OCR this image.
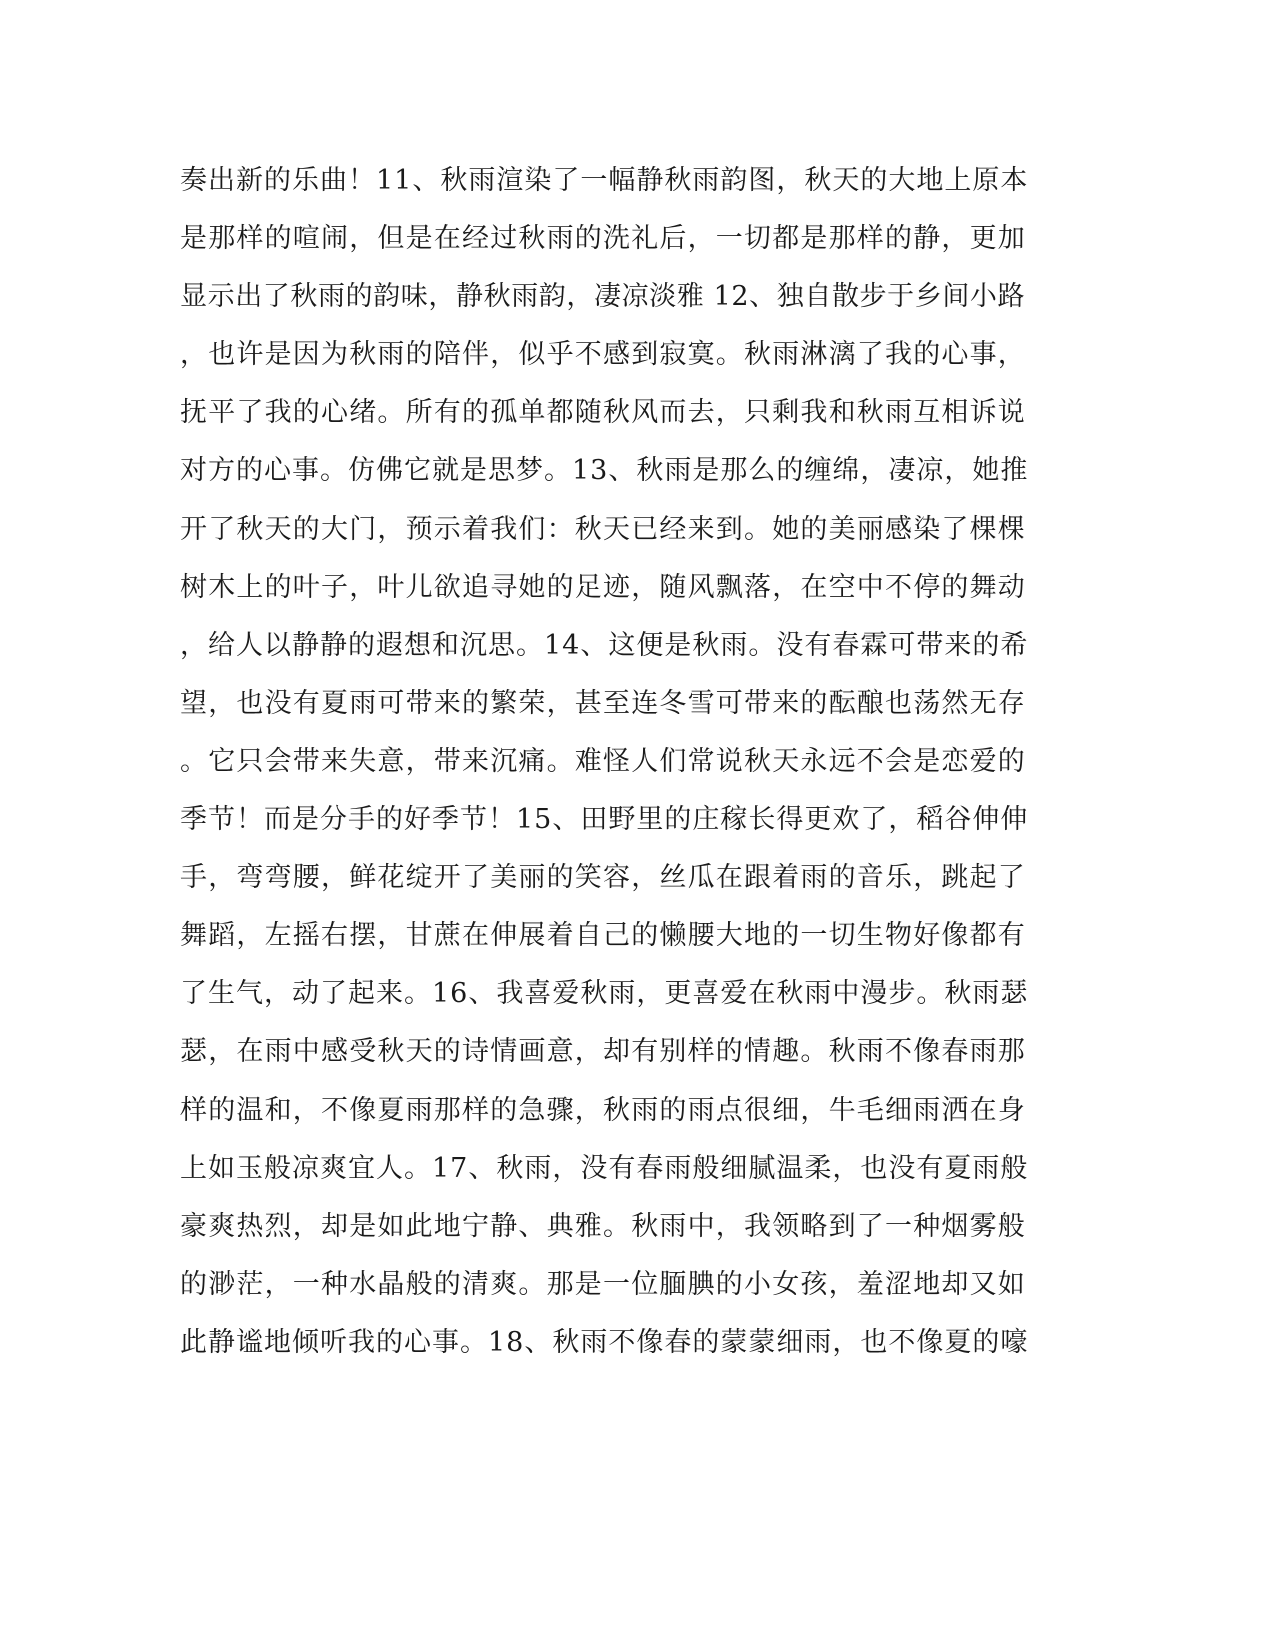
奏出新的乐曲！11、秋雨渲染了一幅静秋雨韵图，秋天的大地上原本
是那样的喧闹，但是在经过秋雨的洗礼后，一切都是那样的静，更加
显示出了秋雨的韵味，静秋雨韵，凄凉淡雅 12、独自散步于乡间小路
，也许是因为秋雨的陪伴，似乎不感到寂寞。秋雨淋漓了我的心事，
抚平了我的心绪。所有的孤单都随秋风而去，只剩我和秋雨互相诉说
对方的心事。仿佛它就是思梦。13、秋雨是那么的缠绵，凄凉，她推
开了秋天的大门，预示着我们：秋天已经来到。她的美丽感染了棵棵
树木上的叶子，叶儿欲追寻她的足迹，随风飘落，在空中不停的舞动
，给人以静静的遐想和沉思。14、这便是秋雨。没有春霖可带来的希
望，也没有夏雨可带来的繁荣，甚至连冬雪可带来的酝酿也荡然无存
。它只会带来失意，带来沉痛。难怪人们常说秋天永远不会是恋爱的
季节！而是分手的好季节！15、田野里的庄稼长得更欢了，稻谷伸伸
手，弯弯腰，鲜花绽开了美丽的笑容，丝瓜在跟着雨的音乐，跳起了
舞蹈，左摇右摆，甘蔗在伸展着自己的懒腰大地的一切生物好像都有
了生气，动了起来。16、我喜爱秋雨，更喜爱在秋雨中漫步。秋雨瑟
瑟，在雨中感受秋天的诗情画意，却有别样的情趣。秋雨不像春雨那
样的温和，不像夏雨那样的急骤，秋雨的雨点很细，牛毛细雨洒在身
上如玉般凉爽宜人。17、秋雨，没有春雨般细腻温柔，也没有夏雨般
豪爽热烈，却是如此地宁静、典雅。秋雨中，我领略到了一种烟雾般
的渺茫，一种水晶般的清爽。那是一位腼腆的小女孩，羞涩地却又如
此静谧地倾听我的心事。18、秋雨不像春的蒙蒙细雨，也不像夏的嚎
